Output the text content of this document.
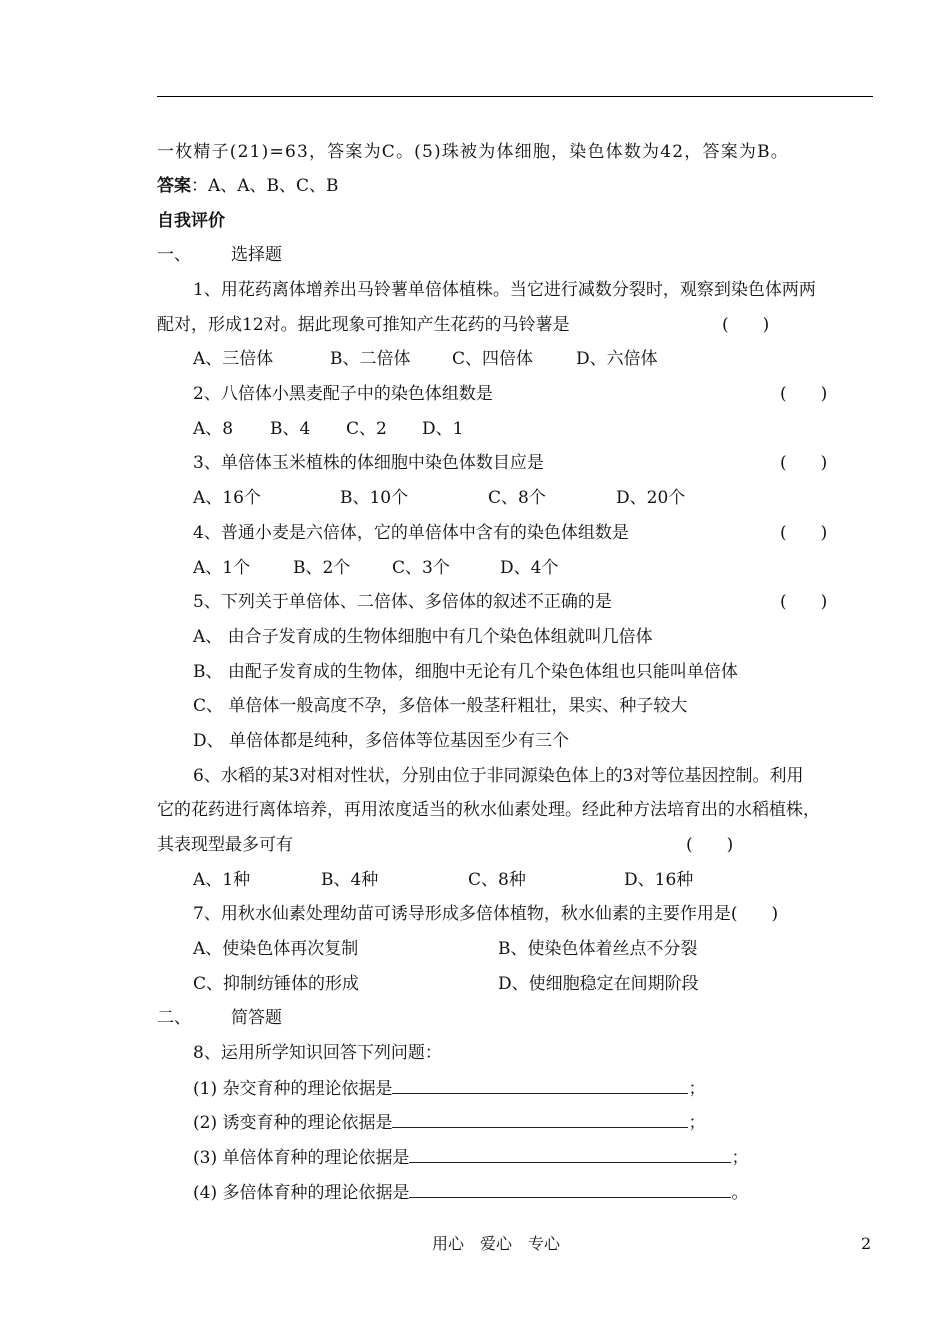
一枚精子(21)=63，答案为C。(5)珠被为体细胞，染色体数为42，答案为B。
答案：A、A、B、C、B
自我评价
一、 选择题
1、用花药离体增养出马铃薯单倍体植株。当它进行减数分裂时，观察到染色体两两
配对，形成12对。据此现象可推知产生花药的马铃薯是	(　　)
A、三倍体	B、二倍体 C、四倍体	D、六倍体
2、八倍体小黑麦配子中的染色体组数是	(　　)
A、8 B、4 C、2 D、1
3、单倍体玉米植株的体细胞中染色体数目应是	(　　)
A、16个	B、10个	C、8个	D、20个
4、普通小麦是六倍体，它的单倍体中含有的染色体组数是	(　　)
A、1个	B、2个 C、3个	D、4个
5、下列关于单倍体、二倍体、多倍体的叙述不正确的是	(　　)
A、 由合子发育成的生物体细胞中有几个染色体组就叫几倍体
B、 由配子发育成的生物体，细胞中无论有几个染色体组也只能叫单倍体
C、 单倍体一般高度不孕，多倍体一般茎秆粗壮，果实、种子较大
D、 单倍体都是纯种，多倍体等位基因至少有三个
6、水稻的某3对相对性状，分别由位于非同源染色体上的3对等位基因控制。利用
它的花药进行离体培养，再用浓度适当的秋水仙素处理。经此种方法培育出的水稻植株，
其表现型最多可有	(　　)
A、1种	B、4种	C、8种	D、16种
7、用秋水仙素处理幼苗可诱导形成多倍体植物，秋水仙素的主要作用是(　　)
A、使染色体再次复制	B、使染色体着丝点不分裂
C、抑制纺锤体的形成	D、使细胞稳定在间期阶段
二、 简答题
8、运用所学知识回答下列问题：
(1) 杂交育种的理论依据是	；
(2) 诱变育种的理论依据是	；
(3) 单倍体育种的理论依据是	；
(4) 多倍体育种的理论依据是	。
用心　爱心　专心	2
